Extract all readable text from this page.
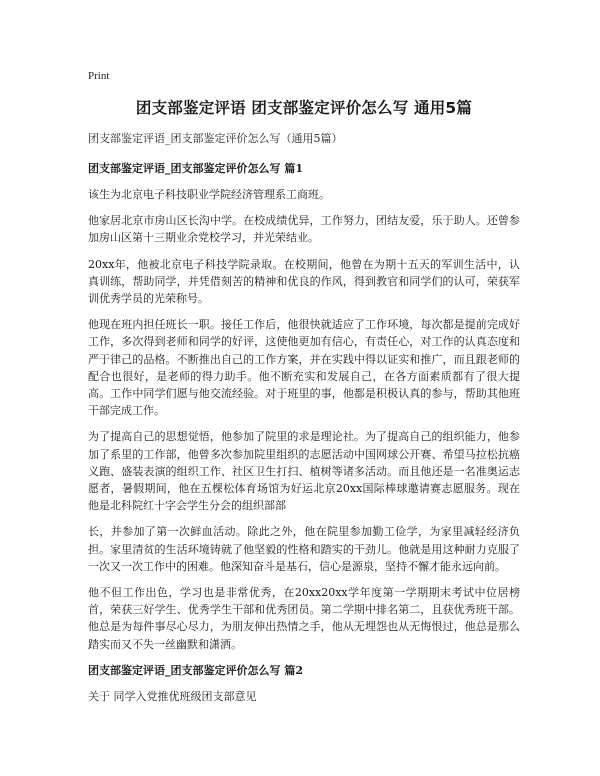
Print
团支部鉴定评语 团支部鉴定评价怎么写 通用5篇
团支部鉴定评语_团支部鉴定评价怎么写（通用5篇）
团支部鉴定评语_团支部鉴定评价怎么写 篇1

该生为北京电子科技职业学院经济管理系工商班。

他家居北京市房山区长沟中学。在校成绩优异，工作努力，团结友爱，乐于助人。还曾参加房山区第十三期业余党校学习，并光荣结业。

20xx年，他被北京电子科技学院录取。在校期间，他曾在为期十五天的军训生活中，认真训练，帮助同学，并凭借刻苦的精神和优良的作风，得到教官和同学们的认可，荣获军训优秀学员的光荣称号。

他现在班内担任班长一职。接任工作后，他很快就适应了工作环境，每次都是提前完成好工作，多次得到老师和同学的好评，这使他更加有信心，有责任心，对工作的认真态度和严于律己的品格。不断推出自己的工作方案，并在实践中得以证实和推广，而且跟老师的配合也很好，是老师的得力助手。他不断充实和发展自己，在各方面素质都有了很大提高。工作中同学们愿与他交流经验。对于班里的事，他都是积极认真的参与，帮助其他班干部完成工作。

为了提高自己的思想觉悟，他参加了院里的求是理论社。为了提高自己的组织能力，他参加了系里的工作部，他曾多次参加院里组织的志愿活动中国网球公开赛、希望马拉松抗癌义跑、盛装表演的组织工作、社区卫生打扫、植树等诸多活动。而且他还是一名准奥运志愿者，暑假期间，他在五棵松体育场馆为好运北京20xx国际棒球邀请赛志愿服务。现在他是北科院红十字会学生分会的组织部部

长，并参加了第一次鲜血活动。除此之外，他在院里参加勤工俭学，为家里减轻经济负担。家里清贫的生活环境铸就了他坚毅的性格和踏实的干劲儿。他就是用这种耐力克服了一次又一次工作中的困难。他深知奋斗是基石，信心是源泉，坚持不懈才能永远向前。

他不但工作出色，学习也是非常优秀，在20xx20xx学年度第一学期期末考试中位居榜首，荣获三好学生、优秀学生干部和优秀团员。第二学期中排名第二，且获优秀班干部。他总是为每件事尽心尽力，为朋友伸出热情之手，他从无埋怨也从无悔恨过，他总是那么踏实而又不失一丝幽默和潇洒。

团支部鉴定评语_团支部鉴定评价怎么写 篇2

关于 同学入党推优班级团支部意见
